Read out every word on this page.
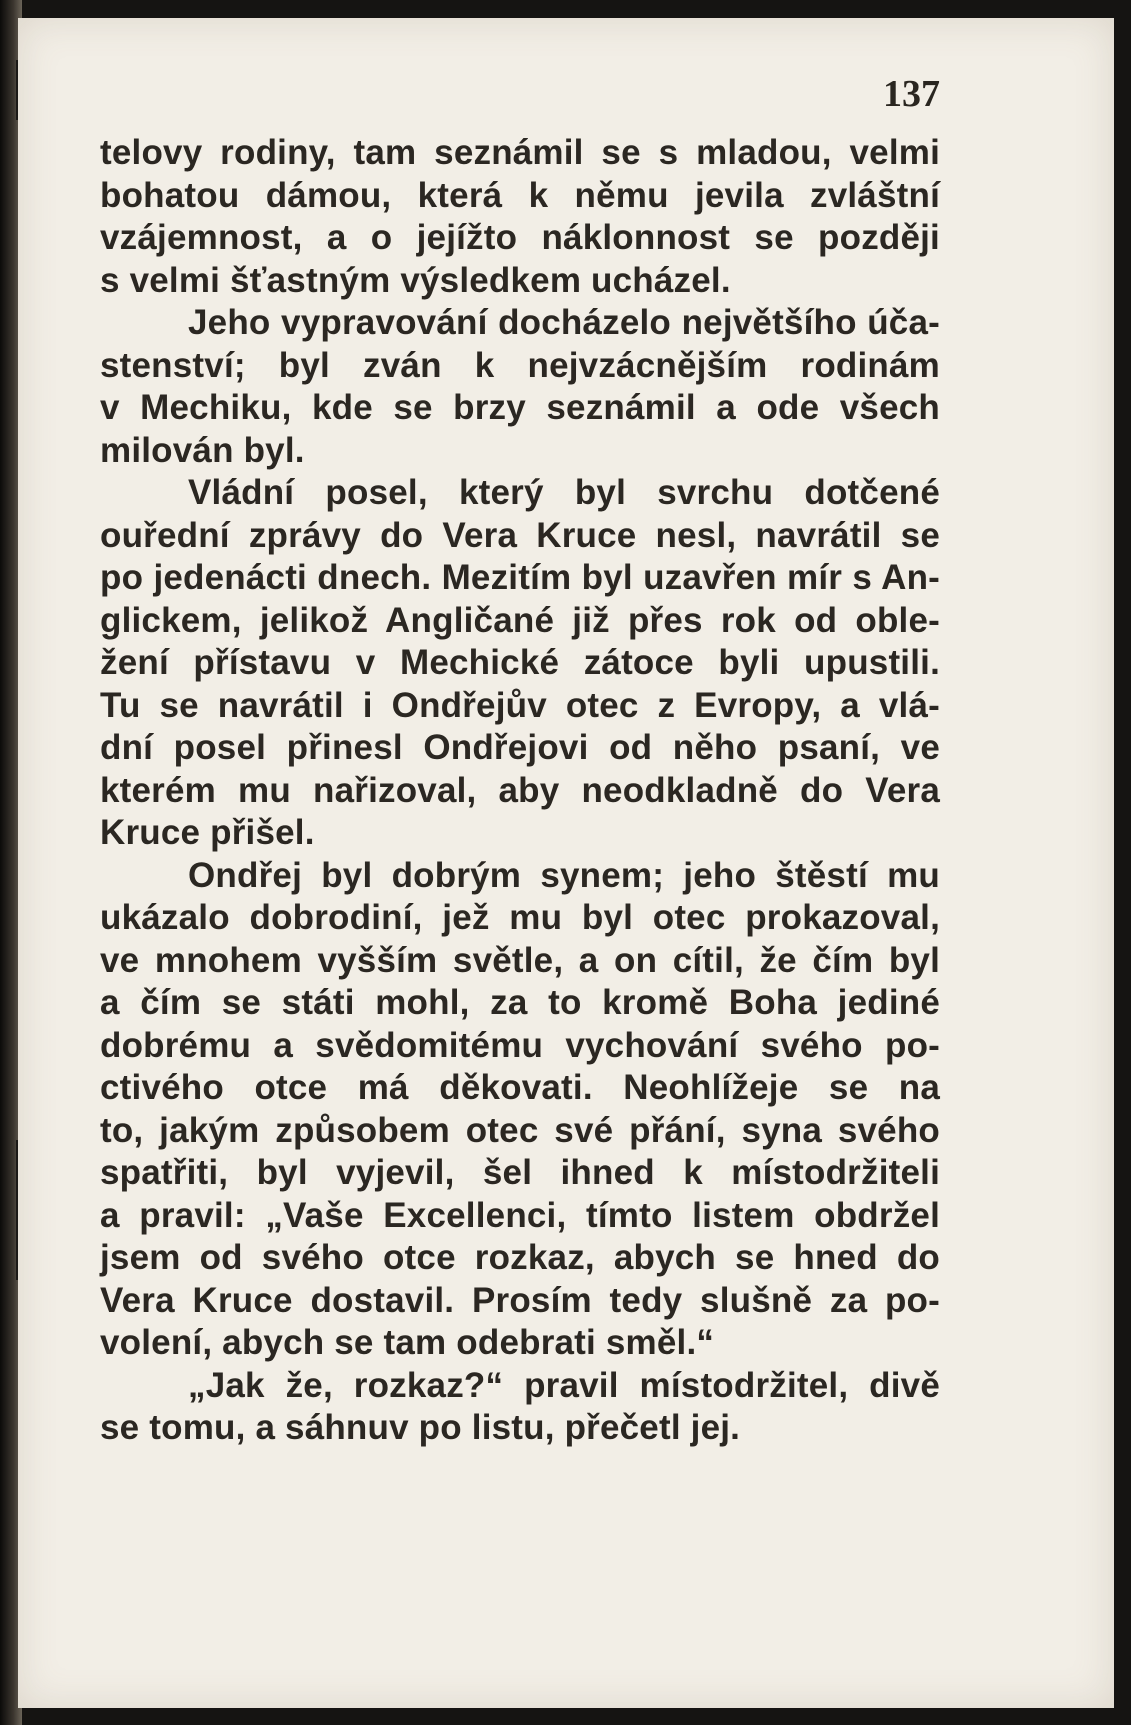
137
telovy rodiny, tam seznámil se s mladou, velmi
bohatou dámou, která k němu jevila zvláštní
vzájemnost, a o jejížto náklonnost se později
s velmi šťastným výsledkem ucházel.
Jeho vypravování docházelo největšího úča-
stenství; byl zván k nejvzácnějším rodinám
v Mechiku, kde se brzy seznámil a ode všech
milován byl.
Vládní posel, který byl svrchu dotčené
ouřední zprávy do Vera Kruce nesl, navrátil se
po jedenácti dnech. Mezitím byl uzavřen mír s An-
glickem, jelikož Angličané již přes rok od oble-
žení přístavu v Mechické zátoce byli upustili.
Tu se navrátil i Ondřejův otec z Evropy, a vlá-
dní posel přinesl Ondřejovi od něho psaní, ve
kterém mu nařizoval, aby neodkladně do Vera
Kruce přišel.
Ondřej byl dobrým synem; jeho štěstí mu
ukázalo dobrodiní, jež mu byl otec prokazoval,
ve mnohem vyšším světle, a on cítil, že čím byl
a čím se státi mohl, za to kromě Boha jediné
dobrému a svědomitému vychování svého po-
ctivého otce má děkovati. Neohlížeje se na
to, jakým způsobem otec své přání, syna svého
spatřiti, byl vyjevil, šel ihned k místodržiteli
a pravil: „Vaše Excellenci, tímto listem obdržel
jsem od svého otce rozkaz, abych se hned do
Vera Kruce dostavil. Prosím tedy slušně za po-
volení, abych se tam odebrati směl.“
„Jak že, rozkaz?“ pravil místodržitel, divě
se tomu, a sáhnuv po listu, přečetl jej.
